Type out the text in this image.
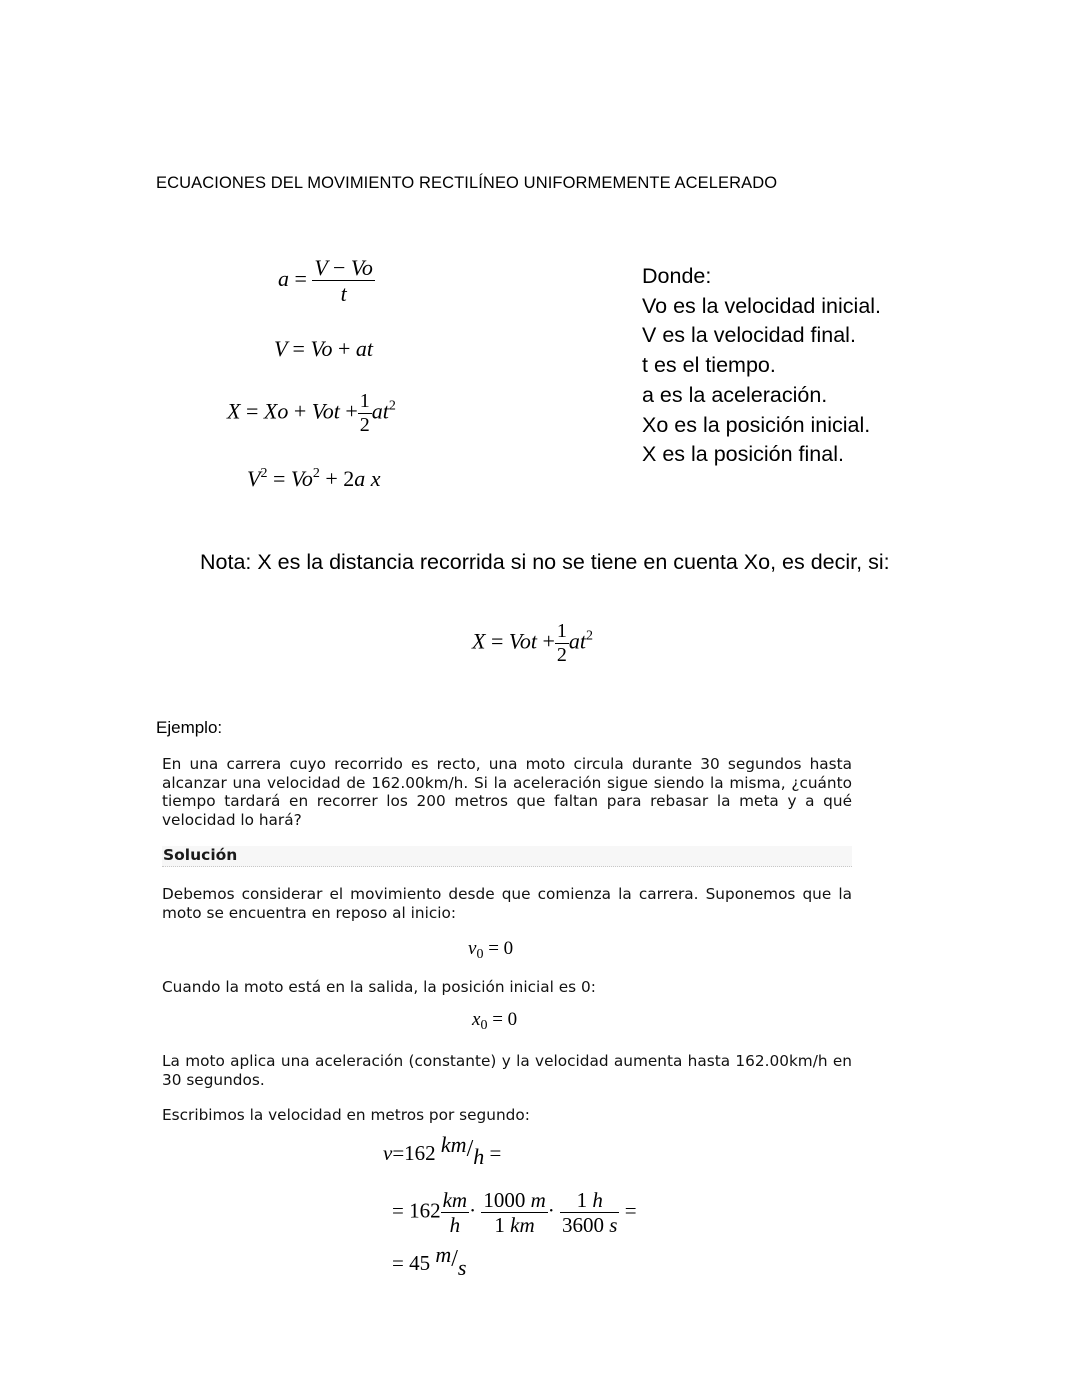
ECUACIONES DEL MOVIMIENTO RECTILÍNEO UNIFORMEMENTE ACELERADO
$a = \frac{V - Vo}{t}$
V = Vo + at
X = Xo + Vot + $\frac{1}{2} at^2$
$V^2 = Vo^2 + 2a$ x
Donde:
Vo es la velocidad inicial.
V es la velocidad final.
t es el tiempo.
a es la aceleración.
Xo es la posición inicial.
X es la posición final.
Nota: X es la distancia recorrida si no se tiene en cuenta Xo, es decir, si:
X = Vot + $\frac{1}{2} at^2$
Ejemplo:
En una carrera cuyo recorrido es recto, una moto circula durante 30 segundos hasta alcanzar una velocidad de 162.00km/h. Si la aceleración sigue siendo la misma, ¿cuánto tiempo tardará en recorrer los 200 metros que faltan para rebasar la meta y a qué velocidad lo hará?
Solución
Debemos considerar el movimiento desde que comienza la carrera. Suponemos que la moto se encuentra en reposo al inicio:
$v_0 = 0$
Cuando la moto está en la salida, la posición inicial es 0:
$x_0 = 0$
La moto aplica una aceleración (constante) y la velocidad aumenta hasta 162.00km/h en 30 segundos.
Escribimos la velocidad en metros por segundo:
v=162 km/h =
= $162 \frac{km}{h} \cdot \frac{1000 m}{1 km} \cdot \frac{1 h}{3600 s}$ =
= 45 m/s
